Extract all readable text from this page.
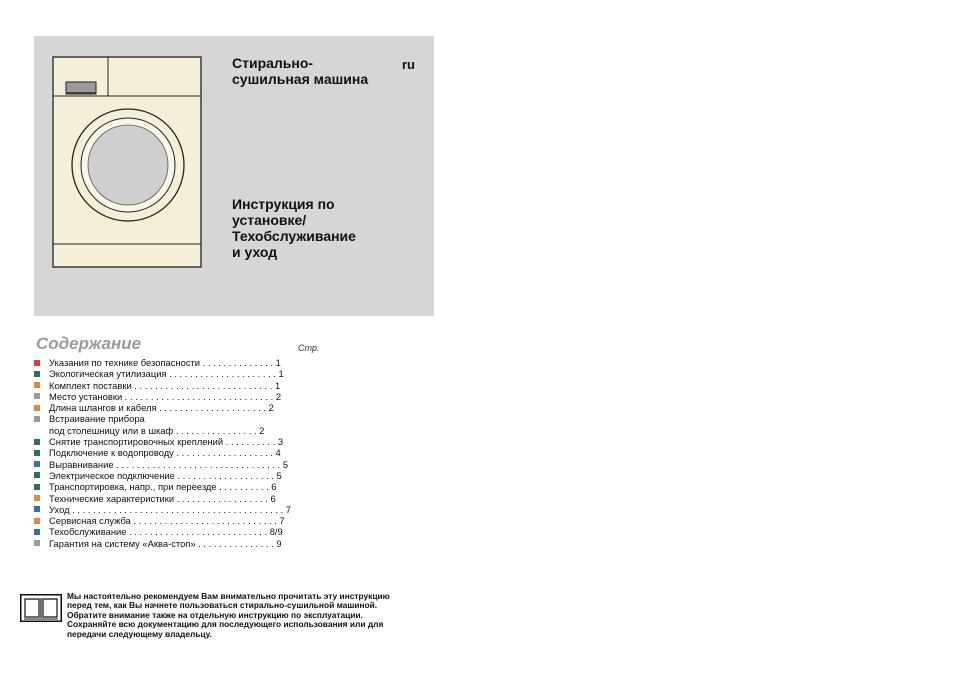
Стирально-
сушильная машина
ru
Инструкция по
установке/
Техобслуживание
и уход
Содержание	Стр.
Указания по технике безопасности . . . . . . . . . . . . . . 1
Экологическая утилизация . . . . . . . . . . . . . . . . . . . . . 1
Комплект поставки . . . . . . . . . . . . . . . . . . . . . . . . . . . 1
Место установки . . . . . . . . . . . . . . . . . . . . . . . . . . . . . 2
Длина шлангов и кабеля . . . . . . . . . . . . . . . . . . . . . 2
Встраивание прибора
под столешницу или в шкаф . . . . . . . . . . . . . . . . 2
Снятие транспортировочных креплений . . . . . . . . . . 3
Подключение к водопроводу . . . . . . . . . . . . . . . . . . . 4
Выравнивание . . . . . . . . . . . . . . . . . . . . . . . . . . . . . . . . 5
Электрическое подключение . . . . . . . . . . . . . . . . . . . 5
Транспортировка, напр., при переезде . . . . . . . . . . 6
Технические характеристики . . . . . . . . . . . . . . . . . . 6
Уход . . . . . . . . . . . . . . . . . . . . . . . . . . . . . . . . . . . . . . . . . 7
Сервисная служба . . . . . . . . . . . . . . . . . . . . . . . . . . . . 7
Техобслуживание . . . . . . . . . . . . . . . . . . . . . . . . . . . 8/9
Гарантия на систему «Аква-стоп» . . . . . . . . . . . . . . . 9
Мы настоятельно рекомендуем Вам внимательно прочитать эту инструкцию
перед тем, как Вы начнете пользоваться стирально-сушильной машиной.
Обратите внимание также на отдельную инструкцию по эксплуатации.
Сохраняйте всю документацию для последующего использования или для
передачи следующему владельцу.
